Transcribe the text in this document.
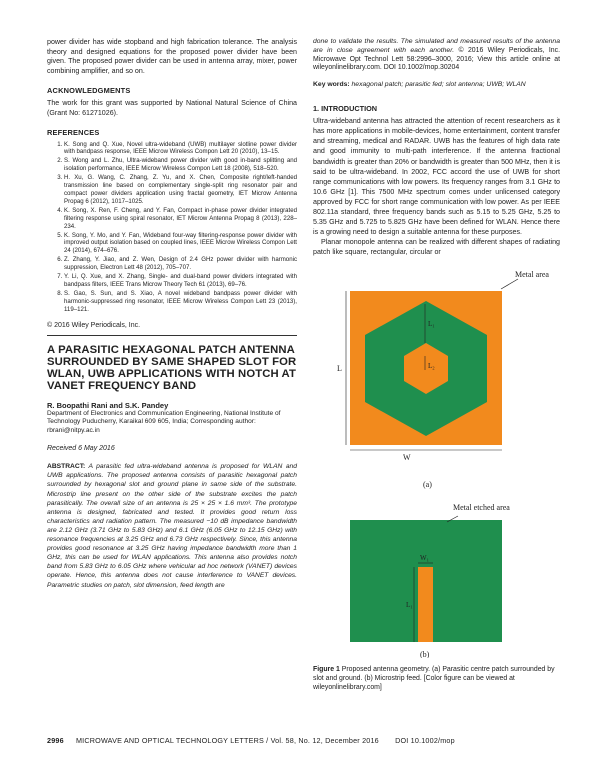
power divider has wide stopband and high fabrication tolerance. The analysis theory and designed equations for the proposed power divider have been given. The proposed power divider can be used in antenna array, mixer, power combining amplifier, and so on.

ACKNOWLEDGMENTS

The work for this grant was supported by National Natural Science of China (Grant No: 61271026).

REFERENCES
1. K. Song and Q. Xue, Novel ultra-wideband (UWB) multilayer slotline power divider with bandpass response, IEEE Microw Wireless Compon Lett 20 (2010), 13–15.
2. S. Wong and L. Zhu, Ultra-wideband power divider with good in-band splitting and isolation performance, IEEE Microw Wireless Compon Lett 18 (2008), 518–520.
3. H. Xu, G. Wang, C. Zhang, Z. Yu, and X. Chen, Composite right/left-handed transmission line based on complementary single-split ring resonator pair and compact power dividers application using fractal geometry, IET Microw Antenna Propag 6 (2012), 1017–1025.
4. K. Song, X. Ren, F. Cheng, and Y. Fan, Compact in-phase power divider integrated filtering response using spiral resonator, IET Microw Antenna Propag 8 (2013), 228–234.
5. K. Song, Y. Mo, and Y. Fan, Wideband four-way filtering-response power divider with improved output isolation based on coupled lines, IEEE Microw Wireless Compon Lett 24 (2014), 674–676.
6. Z. Zhang, Y. Jiao, and Z. Wen, Design of 2.4 GHz power divider with harmonic suppression, Electron Lett 48 (2012), 705–707.
7. Y. Li, Q. Xue, and X. Zhang, Single- and dual-band power dividers integrated with bandpass filters, IEEE Trans Microw Theory Tech 61 (2013), 69–76.
8. S. Gao, S. Sun, and S. Xiao, A novel wideband bandpass power divider with harmonic-suppressed ring resonator, IEEE Microw Wireless Compon Lett 23 (2013), 119–121.
© 2016 Wiley Periodicals, Inc.
A PARASITIC HEXAGONAL PATCH ANTENNA SURROUNDED BY SAME SHAPED SLOT FOR WLAN, UWB APPLICATIONS WITH NOTCH AT VANET FREQUENCY BAND
R. Boopathi Rani and S.K. Pandey
Department of Electronics and Communication Engineering, National Institute of Technology Puducherry, Karaikal 609 605, India; Corresponding author: rbrani@nitpy.ac.in
Received 6 May 2016

ABSTRACT: A parasitic fed ultra-wideband antenna is proposed for WLAN and UWB applications. The proposed antenna consists of parasitic hexagonal patch surrounded by hexagonal slot and ground plane in same side of the substrate. Microstrip line present on the other side of the substrate excites the patch parasitically. The overall size of an antenna is 25 × 25 × 1.6 mm³. The prototype antenna is designed, fabricated and tested. It provides good return loss characteristics and radiation pattern. The measured −10 dB impedance bandwidth are 2.12 GHz (3.71 GHz to 5.83 GHz) and 6.1 GHz (6.05 GHz to 12.15 GHz) with resonance frequencies at 3.25 GHz and 6.73 GHz respectively. Since, this antenna provides good resonance at 3.25 GHz having impedance bandwidth more than 1 GHz, this can be used for WLAN applications. This antenna also provides notch band from 5.83 GHz to 6.05 GHz where vehicular ad hoc network (VANET) devices operate. Hence, this antenna does not cause interference to VANET devices. Parametric studies on patch, slot dimension, feed length are

done to validate the results. The simulated and measured results of the antenna are in close agreement with each another. © 2016 Wiley Periodicals, Inc. Microwave Opt Technol Lett 58:2996–3000, 2016; View this article online at wileyonlinelibrary.com. DOI 10.1002/mop.30204

Key words: hexagonal patch; parasitic fed; slot antenna; UWB; WLAN
1. INTRODUCTION

Ultra-wideband antenna has attracted the attention of recent researchers as it has more applications in mobile-devices, home entertainment, content transfer and streaming, medical and RADAR. UWB has the features of high data rate and good immunity to multi-path interference. If the antenna fractional bandwidth is greater than 20% or bandwidth is greater than 500 MHz, then it is said to be ultra-wideband. In 2002, FCC accord the use of UWB for short range communications with low powers. Its frequency ranges from 3.1 GHz to 10.6 GHz [1]. This 7500 MHz spectrum comes under unlicensed category approved by FCC for short range communication with low power. As per IEEE 802.11a standard, three frequency bands such as 5.15 to 5.25 GHz, 5.25 to 5.35 GHz and 5.725 to 5.825 GHz have been defined for WLAN. Hence there is a growing need to design a suitable antenna for these purposes.

Planar monopole antenna can be realized with different shapes of radiating patch like square, rectangular, circular or

Metal area
L
L₁
L₂
W
(a)
Metal etched area
W₁
L₁
(b)
Figure 1 Proposed antenna geometry. (a) Parasitic centre patch surrounded by slot and ground. (b) Microstrip feed. [Color figure can be viewed at wileyonlinelibrary.com]
2996 MICROWAVE AND OPTICAL TECHNOLOGY LETTERS / Vol. 58, No. 12, December 2016 DOI 10.1002/mop
